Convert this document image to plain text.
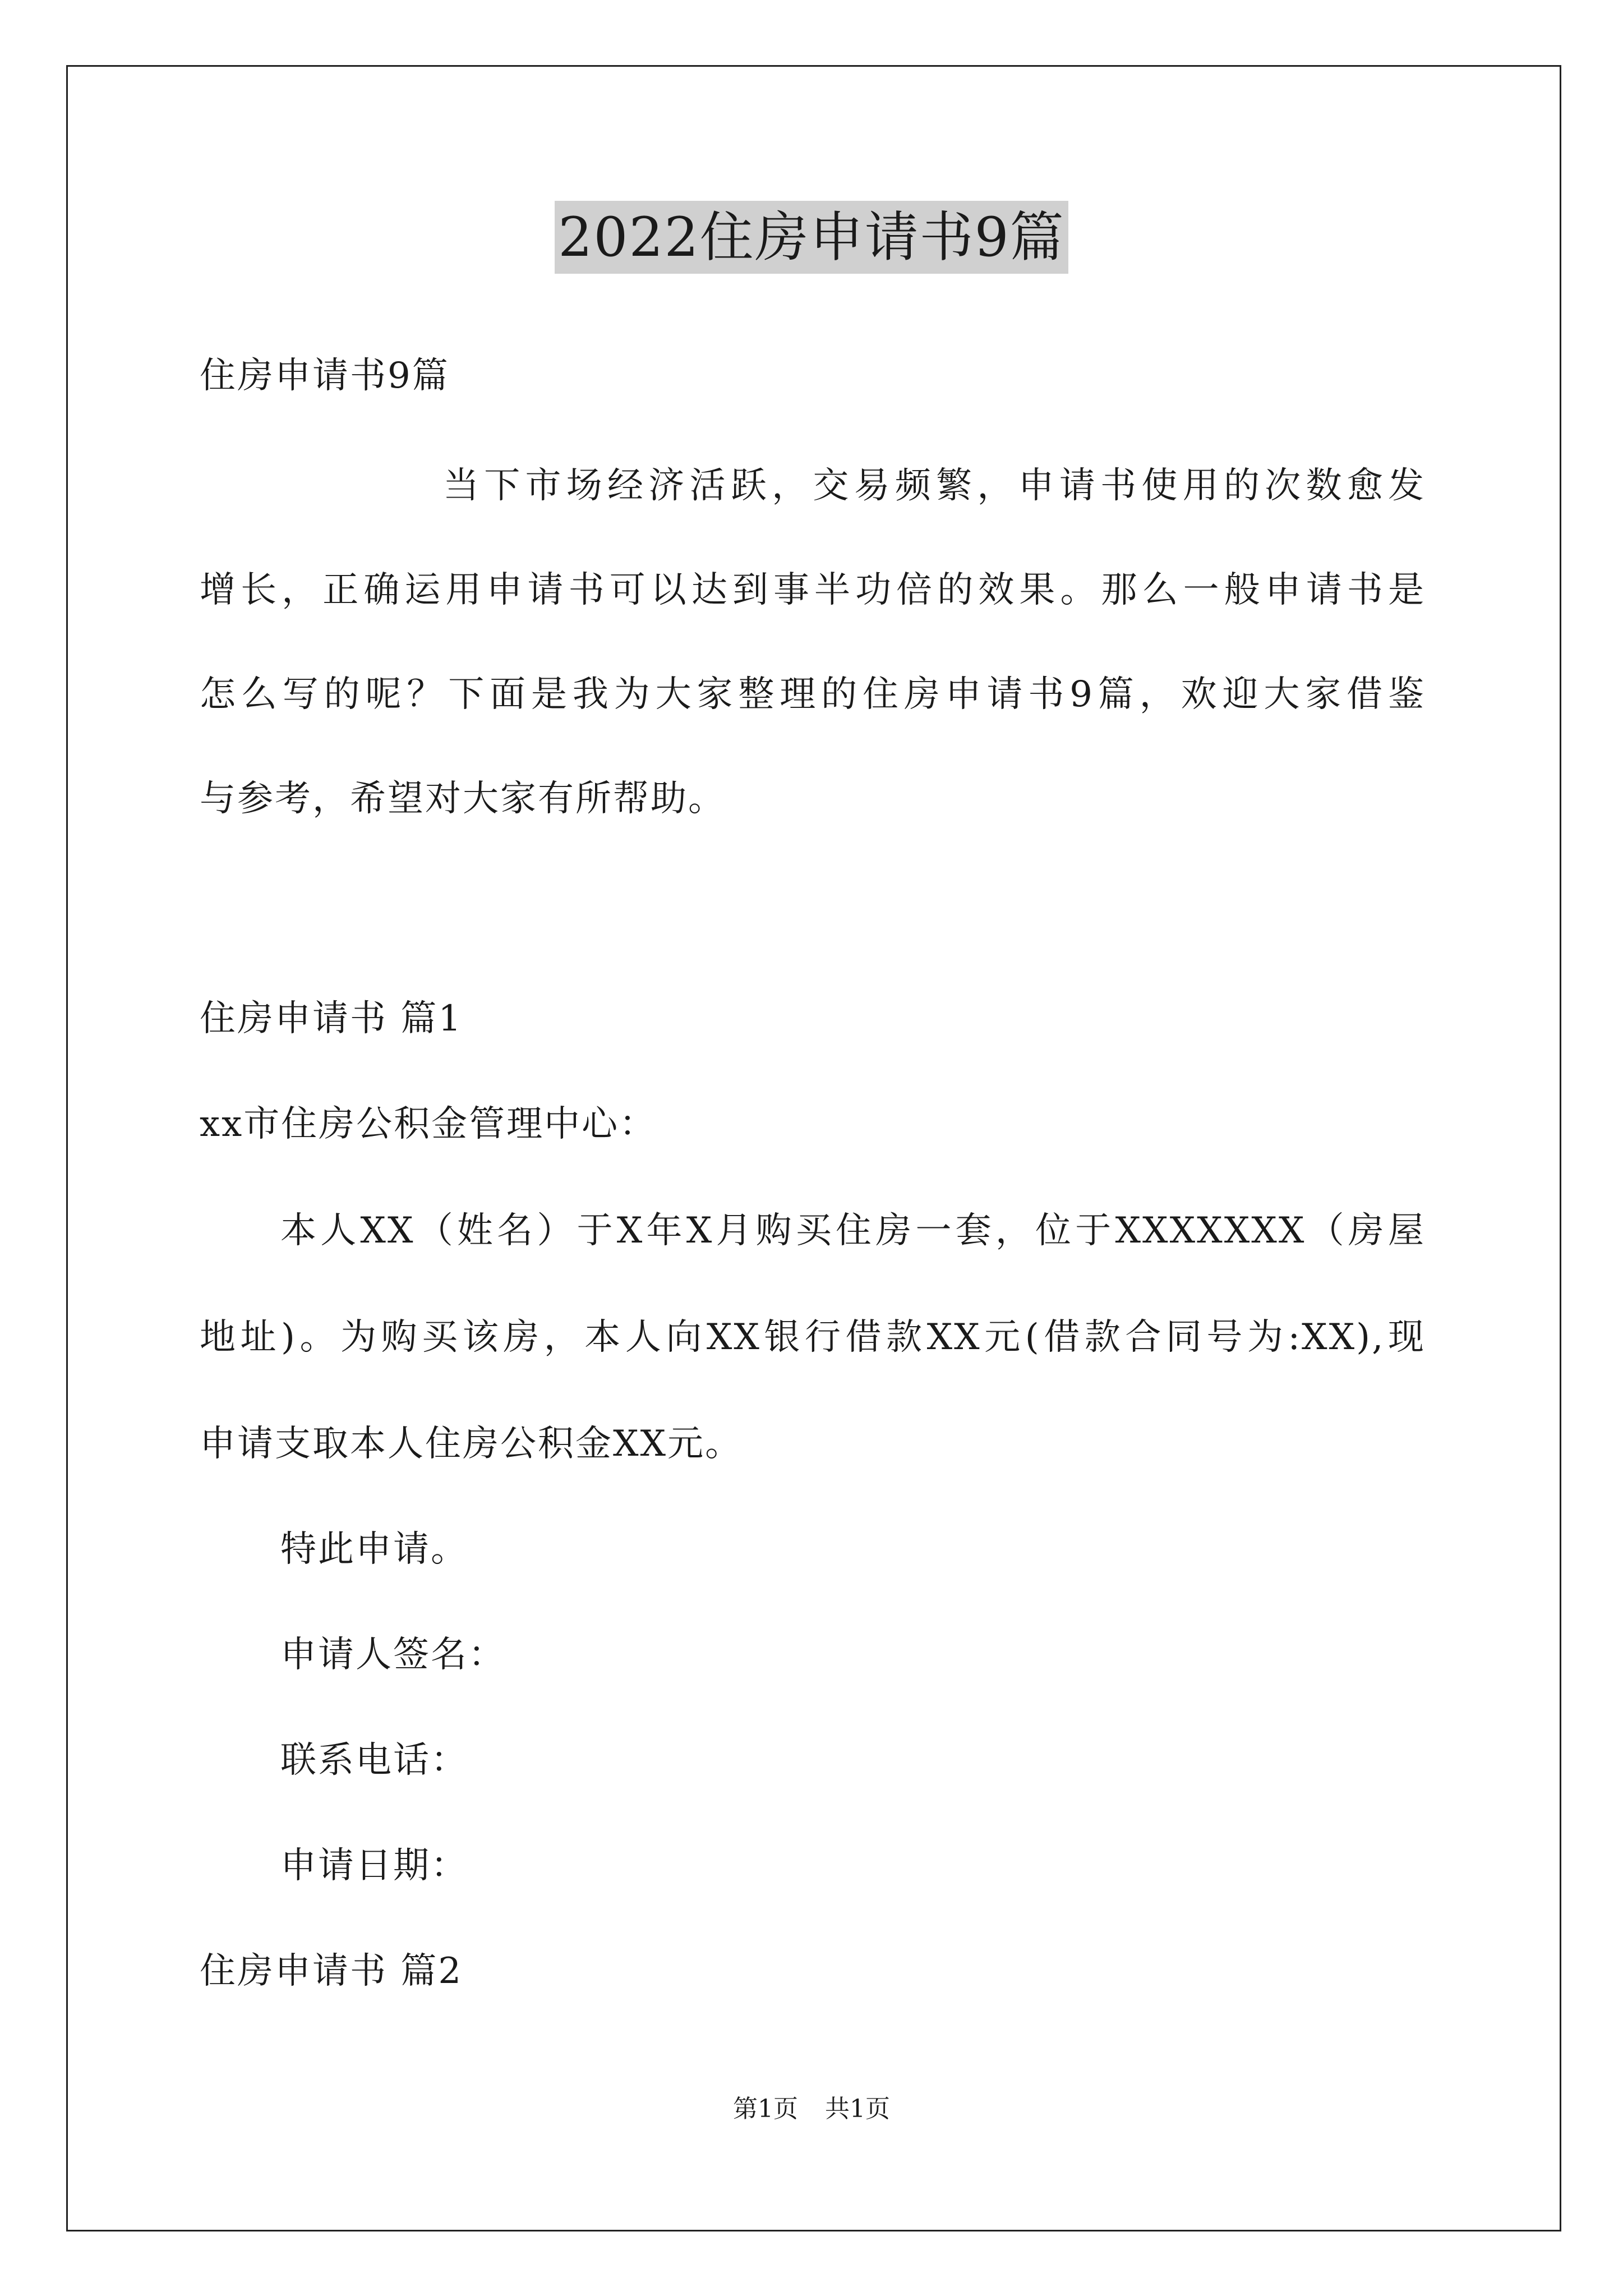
2022住房申请书9篇
住房申请书9篇
当下市场经济活跃，交易频繁，申请书使用的次数愈发
增长，正确运用申请书可以达到事半功倍的效果。那么一般申请书是
怎么写的呢？下面是我为大家整理的住房申请书9篇，欢迎大家借鉴
与参考，希望对大家有所帮助。
住房申请书 篇1
xx市住房公积金管理中心：
本人XX（姓名）于X年X月购买住房一套，位于XXXXXXX（房屋
地址)。为购买该房，本人向XX银行借款XX元(借款合同号为:XX),现
申请支取本人住房公积金XX元。
特此申请。
申请人签名：
联系电话：
申请日期：
住房申请书 篇2
第1页 共1页
